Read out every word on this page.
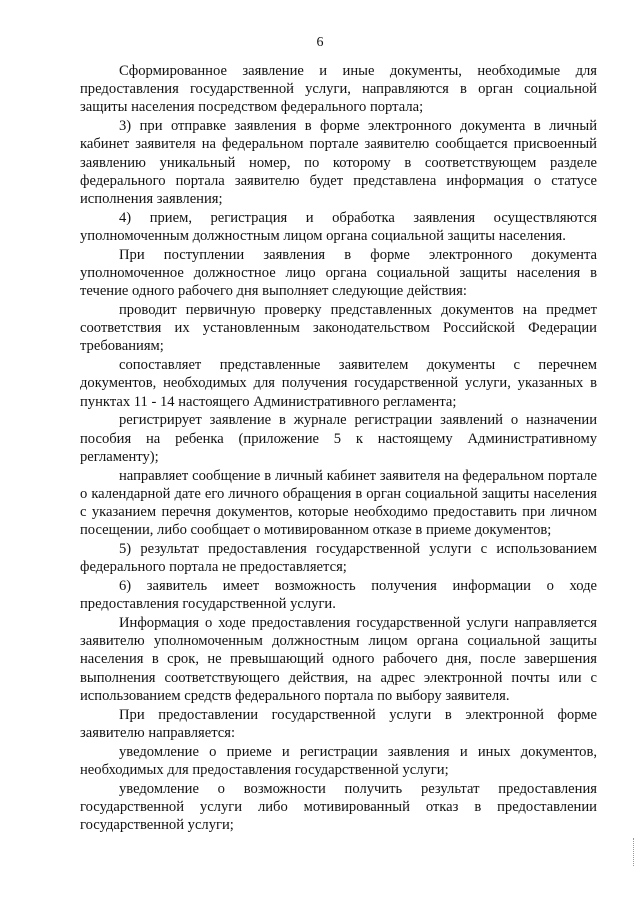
6

Сформированное заявление и иные документы, необходимые для предоставления государственной услуги, направляются в орган социальной защиты населения посредством федерального портала;

3) при отправке заявления в форме электронного документа в личный кабинет заявителя на федеральном портале заявителю сообщается присвоенный заявлению уникальный номер, по которому в соответствующем разделе федерального портала заявителю будет представлена информация о статусе исполнения заявления;

4) прием, регистрация и обработка заявления осуществляются уполномоченным должностным лицом органа социальной защиты населения.

При поступлении заявления в форме электронного документа уполномоченное должностное лицо органа социальной защиты населения в течение одного рабочего дня выполняет следующие действия:

проводит первичную проверку представленных документов на предмет соответствия их установленным законодательством Российской Федерации требованиям;

сопоставляет представленные заявителем документы с перечнем документов, необходимых для получения государственной услуги, указанных в пунктах 11 - 14 настоящего Административного регламента;

регистрирует заявление в журнале регистрации заявлений о назначении пособия на ребенка (приложение 5 к настоящему Административному регламенту);

направляет сообщение в личный кабинет заявителя на федеральном портале о календарной дате его личного обращения в орган социальной защиты населения с указанием перечня документов, которые необходимо предоставить при личном посещении, либо сообщает о мотивированном отказе в приеме документов;

5) результат предоставления государственной услуги с использованием федерального портала не предоставляется;

6) заявитель имеет возможность получения информации о ходе предоставления государственной услуги.

Информация о ходе предоставления государственной услуги направляется заявителю уполномоченным должностным лицом органа социальной защиты населения в срок, не превышающий одного рабочего дня, после завершения выполнения соответствующего действия, на адрес электронной почты или с использованием средств федерального портала по выбору заявителя.

При предоставлении государственной услуги в электронной форме заявителю направляется:

уведомление о приеме и регистрации заявления и иных документов, необходимых для предоставления государственной услуги;

уведомление о возможности получить результат предоставления государственной услуги либо мотивированный отказ в предоставлении государственной услуги;
